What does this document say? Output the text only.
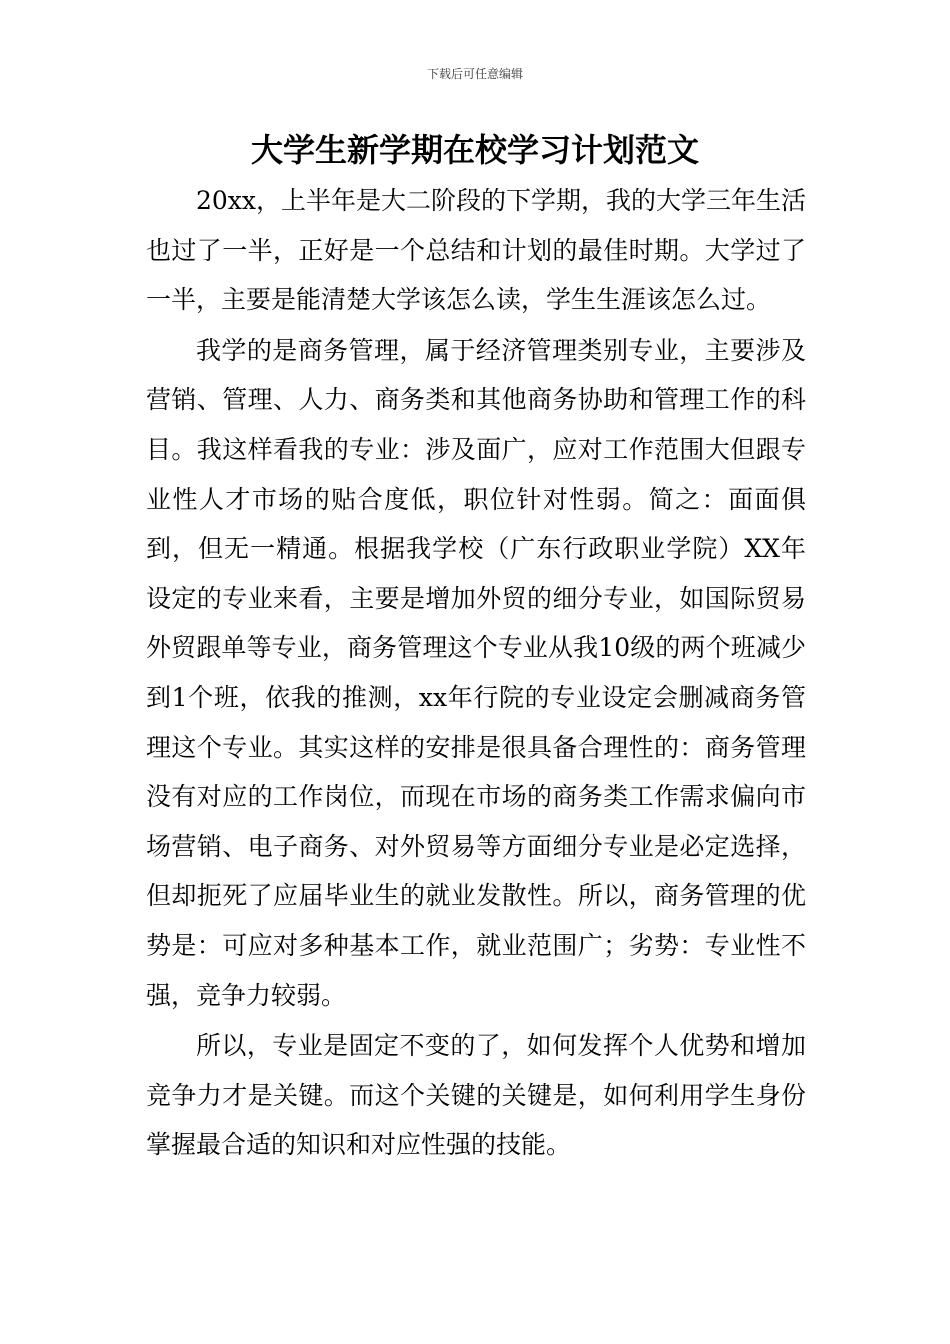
下载后可任意编辑
大学生新学期在校学习计划范文

20xx，上半年是大二阶段的下学期，我的大学三年生活也过了一半，正好是一个总结和计划的最佳时期。大学过了一半，主要是能清楚大学该怎么读，学生生涯该怎么过。

我学的是商务管理，属于经济管理类别专业，主要涉及营销、管理、人力、商务类和其他商务协助和管理工作的科目。我这样看我的专业：涉及面广，应对工作范围大但跟专业性人才市场的贴合度低，职位针对性弱。简之：面面俱到，但无一精通。根据我学校（广东行政职业学院）XX年设定的专业来看，主要是增加外贸的细分专业，如国际贸易外贸跟单等专业，商务管理这个专业从我10级的两个班减少到1个班，依我的推测，xx年行院的专业设定会删减商务管理这个专业。其实这样的安排是很具备合理性的：商务管理没有对应的工作岗位，而现在市场的商务类工作需求偏向市场营销、电子商务、对外贸易等方面细分专业是必定选择，但却扼死了应届毕业生的就业发散性。所以，商务管理的优势是：可应对多种基本工作，就业范围广；劣势：专业性不强，竞争力较弱。

所以，专业是固定不变的了，如何发挥个人优势和增加竞争力才是关键。而这个关键的关键是，如何利用学生身份掌握最合适的知识和对应性强的技能。
